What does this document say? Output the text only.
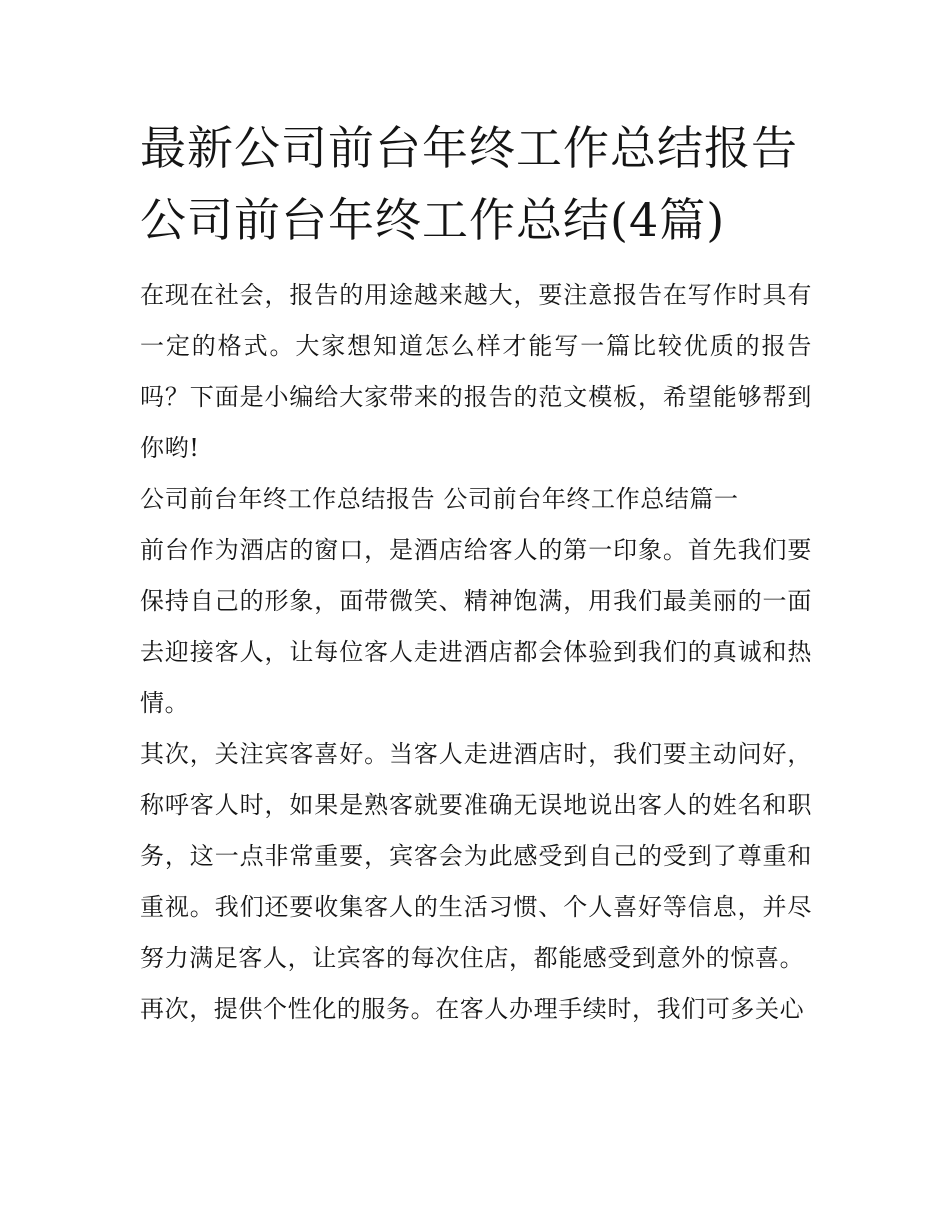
最新公司前台年终工作总结报告 公司前台年终工作总结(4篇)

在现在社会，报告的用途越来越大，要注意报告在写作时具有一定的格式。大家想知道怎么样才能写一篇比较优质的报告吗？下面是小编给大家带来的报告的范文模板，希望能够帮到你哟!

公司前台年终工作总结报告 公司前台年终工作总结篇一

前台作为酒店的窗口，是酒店给客人的第一印象。首先我们要保持自己的形象，面带微笑、精神饱满，用我们最美丽的一面去迎接客人，让每位客人走进酒店都会体验到我们的真诚和热情。

其次，关注宾客喜好。当客人走进酒店时，我们要主动问好，称呼客人时，如果是熟客就要准确无误地说出客人的姓名和职务，这一点非常重要，宾客会为此感受到自己的受到了尊重和重视。我们还要收集客人的生活习惯、个人喜好等信息，并尽努力满足客人，让宾客的每次住店，都能感受到意外的惊喜。

再次，提供个性化的服务。在客人办理手续时，我们可多关心
